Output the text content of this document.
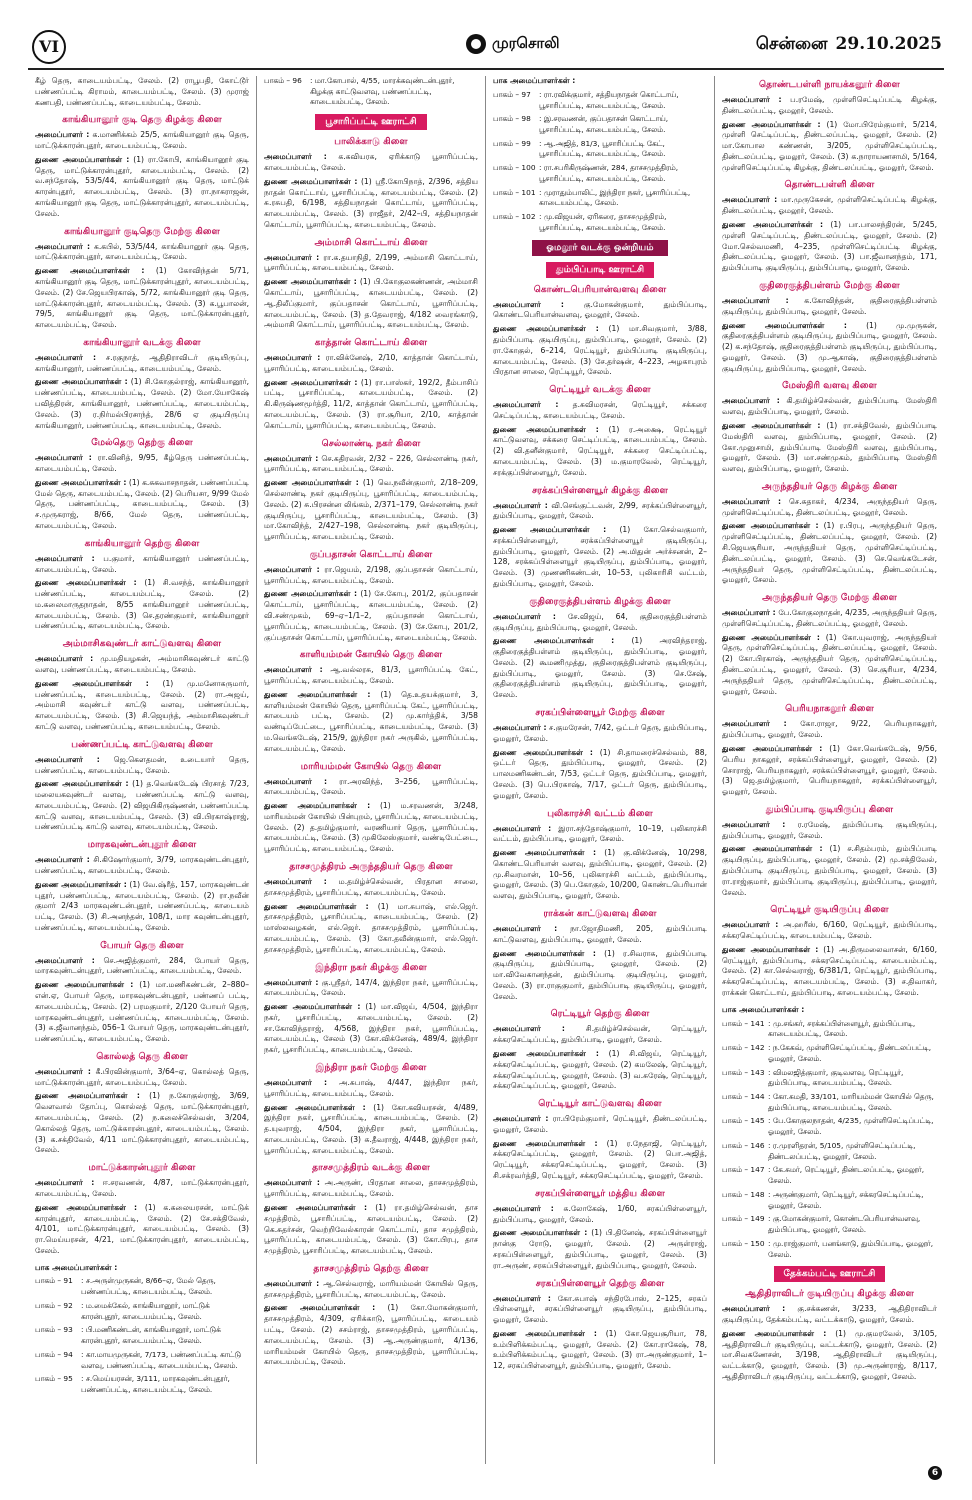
VI	முரசொலி	சென்னை 29.10.2025

கீழ் தெரு, காடையம்பட்டி, சேலம். (2) ராபூபதி, கோட்டூர் பண்ணப்பட்டி கிராமம், காடையம்பட்டி, சேலம். (3) முராஜ் கணபதி, பண்ணப்பட்டி, காடையம்பட்டி, சேலம்.

காங்கியானூர் குடி தெரு கிழக்கு கிளை

அமைப்பாளர் : க.மாணிக்கம் 25/5, காங்கியானூர் குடி தெரு, மாட்டுக்காரன்புதூர், காடையம்பட்டி, சேலம்.

துணை அமைப்பாளர்கள் : (1) ரா.கோபி, காங்கியானூர் குடி தெரு, மாட்டுக்காரன்புதூர், காடையம்பட்டி, சேலம். (2) வ.சந்தோஷ், 53/5/44, காங்கியானூர் குடி தெரு, மாட்டுக் காரன்புதூர், காடையம்பட்டி, சேலம். (3) ரா.நாகராஜன், காங்கியானூர் குடி தெரு, மாட்டுக்காரன்புதூர், காடையம்பட்டி, சேலம்.

காங்கியானூர் குடிதெரு மேற்கு கிளை

அமைப்பாளர் : க.கபில், 53/5/44, காங்கியானூர் குடி தெரு, மாட்டுக்காரன்புதூர், காடையம்பட்டி, சேலம்.

துணை அமைப்பாளர்கள் : (1) கோவிந்தன் 5/71, காங்கியானூர் குடி தெரு, மாட்டுக்காரன்புதூர், காடையம்பட்டி, சேலம். (2) சே.ஜெயபிரகாஷ், 5/72, காங்கியானூர் குடி தெரு, மாட்டுக்காரன்புதூர், காடையம்பட்டி, சேலம். (3) க.பூபாலன், 79/5, காங்கியானூர் குடி தெரு, மாட்டுக்காரன்புதூர், காடையம்பட்டி, சேலம்.

காங்கியானூர் வடக்கு கிளை

அமைப்பாளர் : ச.ரகுநாத், ஆதிதிராவிடர் குடியிருப்பு, காங்கியானூர், பண்ணப்பட்டி, காடையம்பட்டி, சேலம்.

துணை அமைப்பாளர்கள் : (1) சி.கோகுல்ராஜ், காங்கியானூர், பண்ணப்பட்டி, காடையம்பட்டி, சேலம். (2) மோ.யோகேஷ் பவித்திரன், காங்கியானூர், பண்ணப்பட்டி, காடையம்பட்டி, சேலம். (3) ர.நிர்மல்பிரசாந்த், 28/6 ஏ குடியிருப்பு காங்கியானூர், பண்ணப்பட்டி, காடையம்பட்டி, சேலம்.

மேல்தெரு தெற்கு கிளை

அமைப்பாளர் : ரா.வினித், 9/95, கீழ்தெரு பண்ணப்பட்டி, காடையம்பட்டி, சேலம்.

துணை அமைப்பாளர்கள் : (1) க.சுகவாசநாதன், பண்ணப்பட்டி மேல் தெரு, காடையம்பட்டி, சேலம். (2) பெரியசா, 9/99 மேல் தெரு, பண்ணப்பட்டி, காடையம்பட்டி, சேலம். (3) ச.முருகராஜ், 8/66, மேல் தெரு, பண்ணப்பட்டி, காடையம்பட்டி, சேலம்.

காங்கியானூர் தெற்கு கிளை

அமைப்பாளர் : ப.குமார், காங்கியானூர் பண்ணப்பட்டி, காடையம்பட்டி, சேலம்.

துணை அமைப்பாளர்கள் : (1) சி.வசந்த், காங்கியானூர் பண்ணப்பட்டி, காடையம்பட்டி, சேலம். (2) ம.கலைமாருதநாதன், 8/55 காங்கியானூர் பண்ணப்பட்டி, காடையம்பட்டி, சேலம். (3) செ.தரண்குமார், காங்கியானூர் பண்ணப்பட்டி, காடையம்பட்டி, சேலம்.

அம்மாசிகவுண்டர் காட்டுவளவு கிளை

அமைப்பாளர் : மு.மதியழகன், அம்மாசிகவுண்டர் காட்டு வளவு, பண்ணப்பட்டி, காடையம்பட்டி, சேலம்.

துணை அமைப்பாளர்கள் : (1) மு.மனோகருமார், பண்ணப்பட்டி, காடையம்பட்டி, சேலம். (2) ரா.அஜய், அம்மாசி கவுண்டர் காட்டு வளவு, பண்ணப்பட்டி, காடையம்பட்டி, சேலம். (3) சி.ஜெயந்த், அம்மாசிகவுண்டர் காட்டு வளவு, பண்ணப்பட்டி, காடையம்பட்டி, சேலம்.

பண்ணப்பட்டி காட்டுவளவு கிளை

அமைப்பாளர் : ஜெ.கௌதமன், உடையார் தெரு, பண்ணப்பட்டி, காடையம்பட்டி, சேலம்.

துணை அமைப்பாளர்கள் : (1) த.வெங்கடேஷ் பிரசாத் 7/23, மலையகவுண்டர் வளவு, பண்ணப்பட்டி காட்டு வளவு, காடையம்பட்டி, சேலம். (2) விஜயிகிருஷ்ணன், பண்ணப்பட்டி காட்டு வளவு, காடையம்பட்டி, சேலம். (3) வி.பிரகாஷ்ராஜ், பண்ணப்பட்டி காட்டு வளவு, காடையம்பட்டி, சேலம்.

மாரகவுண்டன்புதூர் கிளை

அமைப்பாளர் : சி.கிஷோர்குமார், 3/79, மாரகவுண்டன்புதூர், பண்ணப்பட்டி, காடையம்பட்டி, சேலம்.

துணை அமைப்பாளர்கள் : (1) வே.ஷ்ரீத், 157, மாரகவுண்டன் புதூர், பண்ணப்பட்டி, காடையம்பட்டி, சேலம். (2) ரா.நவீன் குமார் 2/43 மாரகவுண்டன்புதூர், பண்ணப்பட்டி, காடையம் பட்டி, சேலம். (3) சி.அனந்தன், 108/1, மார கவுண்டன்புதூர், பண்ணப்பட்டி, காடையம்பட்டி, சேலம்.

போயர் தெரு கிளை

அமைப்பாளர் : செ.அஜித்குமார், 284, போயர் தெரு, மாரகவுண்டன்புதூர், பண்ணப்பட்டி, காடையம்பட்டி, சேலம்.

துணை அமைப்பாளர்கள் : (1) மா.மணிகண்டன், 2–880–என்.ஏ, போயர் தெரு, மாரகவுண்டன்புதூர், பண்ணப் பட்டி, காடையம்பட்டி, சேலம். (2) பரமகுமார், 2/120 போயர் தெரு, மாரகவுண்டன்புதூர், பண்ணப்பட்டி, காடையம்பட்டி, சேலம். (3) சு.ஜீவானந்தம், 056–1 போயர் தெரு, மாரகவுண்டன்புதூர், பண்ணப்பட்டி, காடையம்பட்டி, சேலம்.

கொல்லத் தெரு கிளை

அமைப்பாளர் : கீ.பிரவின்குமார், 3/64–ஏ, கொல்லத் தெரு, மாட்டுக்காரன்புதூர், காடையம்பட்டி, சேலம்.

துணை அமைப்பாளர்கள் : (1) ந.கோகுல்ராஜ், 3/69, வௌவால் தோப்பு, கொல்லத் தெரு, மாட்டுக்காரன்புதூர், காடையம்பட்டி, சேலம். (2) ந.கலைச்செல்வன், 3/204, கொல்லத் தெரு, மாட்டுக்காரன்புதூர், காடையம்பட்டி, சேலம். (3) க.சக்திவேல், 4/11 மாட்டுக்காரன்புதூர், காடையம்பட்டி, சேலம்.

மாட்டுக்காரன்புதூர் கிளை

அமைப்பாளர் : ஈ.சரவணன், 4/87, மாட்டுக்காரன்புதூர், காடையம்பட்டி, சேலம்.

துணை அமைப்பாளர்கள் : (1) க.கலையரசன், மாட்டுக் காரன்புதூர், காடையம்பட்டி, சேலம். (2) சே.சக்திவேல், 4/101, மாட்டுக்காரன்புதூர், காடையம்பட்டி, சேலம். (3) ரா.மெய்யரசன், 4/21, மாட்டுக்காரன்புதூர், காடையம்பட்டி, சேலம்.

பாக அமைப்பாளர்கள் :

பாகம் – 91	: ச.அருள்முருகன், 8/66–ஏ, மேல் தெரு, பண்ணப்பட்டி, காடையம்பட்டி, சேலம்.
பாகம் – 92	: ம.மைக்கேல், காங்கியானூர், மாட்டுக் காரன்புதூர், காடையம்பட்டி, சேலம்.
பாகம் – 93	: பி.மணிகண்டன், காங்கியானூர், மாட்டுக் காரன்புதூர், காடையம்பட்டி, சேலம்.
பாகம் – 94	: கா.மாயமுருகன், 7/173, பண்ணப்பட்டி காட்டு வளவு, பண்ணப்பட்டி, காடையம்பட்டி, சேலம்.
பாகம் – 95	: ச.மெய்யரசன், 3/111, மாரகவுண்டன்புதூர், பண்ணப்பட்டி, காடையம்பட்டி, சேலம்.
பாகம் – 96	: மா.கோபால், 4/55, மாரக்கவுண்டன்புதூர், கிழக்கு காட்டுவளவு, பண்ணப்பட்டி, காடையம்பட்டி, சேலம்.
பூசாரிப்பட்டி ஊராட்சி
பாலிக்காடு கிளை

அமைப்பாளர் : க.கவியரசு, ஏரிக்காடு பூசாரிப்பட்டி, காடையம்பட்டி, சேலம்.

துணை அமைப்பாளர்கள் : (1) ஸ்ரீ.கோபிநாத், 2/396, சத்திய நாதன் கொட்டாய், பூசாரிப்பட்டி, காடையம்பட்டி, சேலம். (2) சு.ரசுபதி, 6/198, சத்தியநாதன் கொட்டாய், பூசாரிப்பட்டி, காடையம்பட்டி, சேலம். (3) ராஜீதர், 2/42–பி, சத்தியநாதன் கொட்டாய், பூசாரிப்பட்டி, காடையம்பட்டி, சேலம்.

அம்மாசி கொட்டாய் கிளை

அமைப்பாளர் : ரா.க.தயாநிதி, 2/199, அம்மாசி கொட்டாய், பூசாரிப்பட்டி, காடையம்பட்டி, சேலம்.

துணை அமைப்பாளர்கள் : (1) பி.கோகுலகண்ணன், அம்மாசி கொட்டாய், பூசாரிப்பட்டி, காடையம்பட்டி, சேலம். (2) ஆ.திலீப்குமார், குப்பதாசன் கொட்டாய், பூசாரிப்பட்டி, காடையம்பட்டி, சேலம். (3) த.தேவராஜ், 4/182 வைரங்காடு, அம்மாசி கொட்டாய், பூசாரிப்பட்டி, காடையம்பட்டி, சேலம்.

காத்தான் கொட்டாய் கிளை

அமைப்பாளர் : ரா.விக்னேஷ், 2/10, காத்தான் கொட்டாய், பூசாரிப்பட்டி, காடையம்பட்டி, சேலம்.

துணை அமைப்பாளர்கள் : (1) ரா.பாஸ்கர், 192/2, தீம்பாசிப் பட்டி, பூசாரிப்பட்டி, காடையம்பட்டி, சேலம். (2) கி.கிருஷ்ணமூர்த்தி, 11/2, காத்தான் கொட்டாய், பூசாரிப்பட்டி, காடையம்பட்டி, சேலம். (3) ரா.சூரியா, 2/10, காத்தான் கொட்டாய், பூசாரிப்பட்டி, காடையம்பட்டி, சேலம்.

செல்லாண்டி நகர் கிளை

அமைப்பாளர் : செ.கதிரவன், 2/32 – 226, செல்லாண்டி நகர், பூசாரிப்பட்டி, காடையம்பட்டி, சேலம்.

துணை அமைப்பாளர்கள் : (1) வெ.நவீன்குமார், 2/18–209, செல்லாண்டி நகர் குடியிருப்பு, பூசாரிப்பட்டி, காடையம்பட்டி, சேலம். (2) சு.பிரசன்ன லிங்கம், 2/371–179, செல்லாண்டி நகர் குடியிருப்பு, பூசாரிப்பட்டி, காடையம்பட்டி, சேலம். (3) மா.கோவிந்த், 2/427–198, செல்லாண்டி நகர் குடியிருப்பு, பூசாரிப்பட்டி, காடையம்பட்டி, சேலம்.

குப்பதாசன் கொட்டாய் கிளை

அமைப்பாளர் : ரா.ஜெயம், 2/198, குப்பதாசன் கொட்டாய், பூசாரிப்பட்டி, காடையம்பட்டி, சேலம்.

துணை அமைப்பாளர்கள் : (1) சே.கோபு, 201/2, குப்பதாசன் கொட்டாய், பூசாரிப்பட்டி, காடையம்பட்டி, சேலம். (2) வி.சண்முகம், 69–ஏ–1/1–2, குப்பதாசன் கொட்டாய், பூசாரிப்பட்டி, காடையம்பட்டி, சேலம். (3) சே.கோபு, 201/2, குப்பதாசன் கொட்டாய், பூசாரிப்பட்டி, காடையம்பட்டி, சேலம்.

காளியம்மன் கோயில் தெரு கிளை

அமைப்பாளர் : ஆ.வல்லரசு, 81/3, பூசாரிப்பட்டி கேட், பூசாரிப்பட்டி, காடையம்பட்டி, சேலம்.

துணை அமைப்பாளர்கள் : (1) தெ.உதயக்குமார், 3, காளியம்மன் கோயில் தெரு, பூசாரிப்பட்டி கேட், பூசாரிப்பட்டி, காடையம் பட்டி, சேலம். (2) மு.கார்த்திக், 3/58 வண்டிப்பேட்டை, பூசாரிப்பட்டி, காடையம்பட்டி, சேலம். (3) ம.வெங்கடேஷ், 215/9, இந்திரா நகர் அருகில், பூசாரிப்பட்டி, காடையம்பட்டி, சேலம்.

மாரியம்மன் கோயில் தெரு கிளை

அமைப்பாளர் : ரா.அரவிந்த், 3–256, பூசாரிப்பட்டி, காடையம்பட்டி, சேலம்.

துணை அமைப்பாளர்கள் : (1) ம.சரவணன், 3/248, மாரியம்மன் கோயில் பின்புறம், பூசாரிப்பட்டி, காடையம்பட்டி, சேலம். (2) த.தமிழ்குமார், வரணியார் தெரு, பூசாரிப்பட்டி, காடையம்பட்டி, சேலம். (3) முகிலேஸ்குமார், வண்டிபேட்டை, பூசாரிப்பட்டி, காடையம்பட்டி, சேலம்.

தாசசமுத்திரம் அருந்ததியர் தெரு கிளை

அமைப்பாளர் : ம.தமிழ்ச்செல்வன், பிரதான சாலை, தாசசமுத்திரம், பூசாரிப்பட்டி, காடையம்பட்டி, சேலம்.

துணை அமைப்பாளர்கள் : (1) மா.சுபாஷ், எல்.ஜெர். தாசசமுத்திரம், பூசாரிப்பட்டி, காடையம்பட்டி, சேலம். (2) மாஸ்லவழகன், எல்.ஜெர். தாசசமுத்திரம், பூசாரிப்பட்டி, காடையம்பட்டி, சேலம். (3) கோ.தவீன்குமார், எல்.ஜெர். தாசசமுத்திரம், பூசாரிப்பட்டி, காடையம்பட்டி, சேலம்.

இந்திரா நகர் கிழக்கு கிளை

அமைப்பாளர் : கு.ஸ்ரீதர், 147/4, இந்திரா நகர், பூசாரிப்பட்டி, காடையம்பட்டி, சேலம்.

துணை அமைப்பாளர்கள் : (1) மா.விஜய், 4/504, இந்திரா நகர், பூசாரிப்பட்டி, காடையம்பட்டி, சேலம். (2) சா.கோவிந்தராஜ், 4/568, இந்திரா நகர், பூசாரிப்பட்டி, காடையம்பட்டி, சேலம் (3) கோ.விக்னேஷ், 489/4, இந்திரா நகர், பூசாரிப்பட்டி, காடையம்பட்டி, சேலம்.

இந்திரா நகர் மேற்கு கிளை

அமைப்பாளர் : அ.சுபாஷ், 4/447, இந்திரா நகர், பூசாரிப்பட்டி, காடையம்பட்டி, சேலம்.

துணை அமைப்பாளர்கள் : (1) கோ.கவியரசன், 4/489, இந்திரா நகர், பூசாரிப்பட்டி, காடையம்பட்டி, சேலம். (2) த.யுவராஜ், 4/504, இந்திரா நகர், பூசாரிப்பட்டி, காடையம்பட்டி, சேலம். (3) சு.தீவராஜ், 4/448, இந்திரா நகர், பூசாரிப்பட்டி, காடையம்பட்டி, சேலம்.

தாசசமுத்திரம் வடக்கு கிளை

அமைப்பாளர் : அ.அருண், பிரதான சாலை, தாசசமுத்திரம், பூசாரிப்பட்டி, காடையம்பட்டி, சேலம்.

துணை அமைப்பாளர்கள் : (1) ரா.தமிழ்செல்வன், தாச சமுத்திரம், பூசாரிப்பட்டி, காடையம்பட்டி, சேலம். (2) கெ.சுதர்சன், வெற்றிவேல்காரன் கொட்டாய், தாச சமுத்திரம், பூசாரிப்பட்டி, காடையம்பட்டி, சேலம். (3) கோ.பிரபு, தாச சமுத்திரம், பூசாரிப்பட்டி, காடையம்பட்டி, சேலம்.

தாசசமுத்திரம் தெற்கு கிளை

அமைப்பாளர் : ஆ.செல்வராஜ், மாரியம்மன் கோயில் தெரு, தாசசமுத்திரம், பூசாரிப்பட்டி, காடையம்பட்டி, சேலம்.

துணை அமைப்பாளர்கள் : (1) கோ.மோகன்குமார், தாசசமுத்திரம், 4/309, ஏரிக்காடு, பூசாரிப்பட்டி, காடையம் பட்டி, சேலம். (2) சசம்ராஜ், தாசசமுத்திரம், பூசாரிப்பட்டி, காடையம்பட்டி, சேலம். (3) ஆ.அருண்குமார், 4/136, மாரியம்மன் கோயில் தெரு, தாசசமுத்திரம், பூசாரிப்பட்டி, காடையம்பட்டி, சேலம்.

பாக அமைப்பாளர்கள் :

பாகம் – 97	: ரா.ரவிக்குமார், சத்தியநாதன் கொட்டாய், பூசாரிப்பட்டி, காடையம்பட்டி, சேலம்.
பாகம் – 98	: இ.சரவணன், குப்பதாசன் கொட்டாய், பூசாரிப்பட்டி, காடையம்பட்டி, சேலம்.
பாகம் – 99	: ஆ.அஜித், 81/3, பூசாரிப்பட்டி கேட், பூசாரிப்பட்டி, காடையம்பட்டி, சேலம்.
பாகம் – 100 : ரா.சபரிகிருஷ்ணன், 284, தாசசமுத்திரம், பூசாரிப்பட்டி, காடையம்பட்டி, சேலம்.
பாகம் – 101 : முராதும்பாலிட், இந்திரா நகர், பூசாரிப்பட்டி, காடையம்பட்டி, சேலம்.
பாகம் – 102 : மு.விஜயன், ஏரிகரை, தாசசமுத்திரம், பூசாரிப்பட்டி, காடையம்பட்டி, சேலம்.
ஓமலூர் வடக்கு ஒன்றியம்
தும்பிப்பாடி ஊராட்சி
கொண்டபெரியான்வளவு கிளை

அமைப்பாளர் :	கு.மோகன்குமார், தும்பிப்பாடி, கொண்டபெரியான்வளவு, ஓமலூர், சேலம்.

துணை அமைப்பாளர்கள் : (1) மா.சிவகுமார், 3/88, தும்பிப்பாடி குடியிருப்பு, தும்பிப்பாடி, ஓமலூர், சேலம். (2) ரா.கோகுல், 6–214, ரெட்டியூர், தும்பிப்பாடி குடியிருப்பு, காடையம்பட்டி, சேலம். (3) சே.தர்ஷன், 4–223, அழகாபுரம் பிரதான சாலை, ரெட்டியூர், சேலம்.

ரெட்டியூர் வடக்கு கிளை

அமைப்பாளர் : த.சுவிமரசன், ரெட்டியூர், சக்கரை செட்டிப்பட்டி, காடையம்பட்டி, சேலம்.

துணை அமைப்பாளர்கள் : (1) ர.அக்ஷை, ரெட்டியூர் காட்டுவளவு, சக்கரை செட்டிப்பட்டி, காடையம்பட்டி, சேலம். (2) வி.தனீன்குமார், ரெட்டியூர், சக்கரை செட்டிப்பட்டி, காடையம்பட்டி, சேலம். (3) ம.குமாரவேல், ரெட்டியூர், சரக்குப்பிள்ளையூர், சேலம்.

சரக்கப்பிள்ளையூர் கிழக்கு கிளை

அமைப்பாளர் : வி.செங்குட்டவன், 2/99, சரக்கப்பிள்ளையூர், தும்பிப்பாடி, ஓமலூர், சேலம்.

துணை அமைப்பாளர்கள் : (1) கோ.செல்வகுமார், சரக்கப்பிள்ளையூர், சரக்கப்பிள்ளையூர் குடியிருப்பு, தும்பிப்பாடி, ஓமலூர், சேலம். (2) அ.மிதுன் அர்ச்சனன், 2–128, சரக்கப்பிள்ளையூர் குடியிருப்பு, தும்பிப்பாடி, ஓமலூர், சேலம். (3) முணணிகண்டன், 10–53, புலிகாரிசி வட்டம், தும்பிப்பாடி, ஓமலூர், சேலம்.

குதிரைகுத்திபள்ளம் கிழக்கு கிளை

அமைப்பாளர் : சே.விஜய், 64, குதிரைகுத்திபள்ளம் குடியிருப்பு, தும்பிப்பாடி, ஓமலூர், சேலம்.

துணை அமைப்பாளர்கள் : (1) அரவிந்தராஜ், குதிரைகுத்திபள்ளம் குடியிருப்பு, தும்பிப்பாடி, ஓமலூர், சேலம். (2) கூமணிமுத்து, குதிரைகுத்திபள்ளம் குடியிருப்பு, தும்பிப்பாடி, ஓமலூர், சேலம். (3) செ.சேஷ், குதிரைகுத்திபள்ளம் குடியிருப்பு, தும்பிப்பாடி, ஓமலூர், சேலம்.

சரகப்பிள்ளையூர் மேற்கு கிளை

அமைப்பாளர் : ச.குமரேசன், 7/42, ஒட்டர் தெரு, தும்பிப்பாடி, ஓமலூர், சேலம்.

துணை அமைப்பாளர்கள் : (1) சி.தாமரைச்செல்வம், 88, ஒட்டர் தெரு, தும்பிப்பாடி, ஓமலூர், சேலம். (2) பாலமணிகண்டன், 7/53, ஒட்டர் தெரு, தும்பிப்பாடி, ஓமலூர், சேலம். (3) பெ.பிரகாஷ், 7/17, ஒட்டர் தெரு, தும்பிப்பாடி, ஓமலூர், சேலம்.

புலிகாரச்சி வட்டம் கிளை

அமைப்பாளர் : இரா.சந்தோஷ்குமார், 10–19, புலிகாரச்சி வட்டம், தும்பிப்பாடி, ஓமலூர், சேலம்.

துணை அமைப்பாளர்கள் : (1) கு.விக்னேஷ், 10/298, கொண்டபெரியான் வளவு, தும்பிப்பாடி, ஓமலூர், சேலம். (2) மு.சிவரமான், 10–56, புலிகாரச்சி வட்டம், தும்பிப்பாடி, ஓமலூர், சேலம். (3) பெ.கோகுல், 10/200, கொண்டபெரியான் வளவு, தும்பிப்பாடி, ஓமலூர், சேலம்.

ராக்கன் காட்டுவளவு கிளை

அமைப்பாளர் : நா.ஜோதிமணி, 205, தும்பிப்பாடி காட்டுவளவு, தும்பிப்பாடி, ஓமலூர், சேலம்.

துணை அமைப்பாளர்கள் : (1) ர.சிவராசு, தும்பிப்பாடி குடியிருப்பு, தும்பிப்பாடி, ஓமலூர், சேலம். (2) மா.விவேகானந்தன், தும்பிப்பாடி குடியிருப்பு, ஓமலூர், சேலம். (3) ரா.ராகுகுமார், தும்பிப்பாடி குடியிருப்பு, ஓமலூர், சேலம்.

ரெட்டியூர் தெற்கு கிளை

அமைப்பாளர் :	சி.தமிழ்ச்செல்வன், ரெட்டியூர், சக்கரசெட்டிப்பட்டி, தும்பிப்பாடி, ஓமலூர், சேலம்.

துணை அமைப்பாளர்கள் : (1) சி.விஜய், ரெட்டியூர், சக்கரசெட்டிப்பட்டி, ஓமலூர், சேலம். (2) கமலேஷ், ரெட்டியூர், சக்கரசெட்டிப்பட்டி, ஓமலூர், சேலம். (3) வ.சுரேஷ், ரெட்டியூர், சக்கரசெட்டிப்பட்டி, ஓமலூர், சேலம்.

ரெட்டியூர் காட்டுவளவு கிளை

அமைப்பாளர் : ரா.பிரேம்குமார், ரெட்டியூர், திண்டலப்பட்டி, ஓமலூர், சேலம்.

துணை அமைப்பாளர்கள் : (1) ர.நேதாஜி, ரெட்டியூர், சக்கரசெட்டிப்பட்டி, ஓமலூர், சேலம். (2) பொ.அஜித், ரெட்டியூர், சக்கரசெட்டிப்பட்டி, ஓமலூர், சேலம். (3) சி.சக்ரவர்த்தி, ரெட்டியூர், சக்கரசெட்டிப்பட்டி, ஓமலூர், சேலம்.

சரகப்பிள்ளையூர் மத்திய கிளை

அமைப்பாளர் : சு.லோகேஷ், 1/60, சரகப்பிள்ளையூர், தும்பிப்பாடி, ஓமலூர், சேலம்.

துணை அமைப்பாளர்கள் : (1) பி.தினேஷ், சரகப்பிள்ளையூர் நான்கு ரோடு, ஓமலூர், சேலம். (2) அருள்ராஜ், சரகப்பிள்ளையூர், தும்பிப்பாடி, ஓமலூர், சேலம். (3) ரா.அருண், சரகப்பிள்ளையூர், தும்பிப்பாடி, ஓமலூர், சேலம்.

சரகப்பிள்ளையூர் தெற்கு கிளை

அமைப்பாளர் : கோ.சுபாஷ் சந்திரபோஸ், 2–125, சரகப் பிள்ளையூர், சரகப்பிள்ளையூர் குடியிருப்பு, தும்பிப்பாடி, ஓமலூர், சேலம்.

துணை அமைப்பாளர்கள் : (1) கோ.ஜெயசூரியா, 78, உம்பிளிக்கம்பட்டி, ஓமலூர், சேலம். (2) கோ.ராகேஷ், 78, உம்பிளிக்கம்பட்டி, ஓமலூர், சேலம். (3) ரா.அருண்குமார், 1–12, சரகப்பிள்ளையூர், தும்பிப்பாடி, ஓமலூர், சேலம்.

தொண்டபள்ளி நாயக்கனூர் கிளை

அமைப்பாளர் : ப.ரமேஷ், முள்ளிசெட்டிப்பட்டி கிழக்கு, திண்டலப்பட்டி, ஓமலூர், சேலம்.

துணை அமைப்பாளர்கள் : (1) மோ.பிரேம்குமார், 5/214, முள்ளி செட்டிப்பட்டி, திண்டலப்பட்டி, ஓமலூர், சேலம். (2) மா.கோபால கண்ணன், 3/205, முள்ளிசெட்டிப்பட்டி, திண்டலப்பட்டி, ஓமலூர், சேலம். (3) க.நாராயணசாமி, 5/164, முள்ளிசெட்டிப்பட்டி கிழக்கு, திண்டலப்பட்டி, ஓமலூர், சேலம்.

தொண்டபள்ளி கிளை

அமைப்பாளர் : மா.முருகேசன், முள்ளிசெட்டிப்பட்டி கிழக்கு, திண்டலப்பட்டி, ஓமலூர், சேலம்.

துணை அமைப்பாளர்கள் : (1) பா.பாலசந்திரன், 5/245, முள்ளி செட்டிப்பட்டி, திண்டலப்பட்டி, ஓமலூர், சேலம். (2) மோ.செல்வமணி, 4–235, முள்ளிசெட்டிப்பட்டி கிழக்கு, திண்டலப்பட்டி, ஓமலூர், சேலம். (3) பா.ஜீவானந்தம், 171, தும்பிப்பாடி குடியிருப்பு, தும்பிப்பாடி, ஓமலூர், சேலம்.

குதிரைகுத்திபள்ளம் மேற்கு கிளை

அமைப்பாளர் : க.கோவிந்தன், குதிரைகுத்திபள்ளம் குடியிருப்பு, தும்பிப்பாடி, ஓமலூர், சேலம்.

துணை அமைப்பாளர்கள் :	(1) மு.முருகன், குதிரைகுத்திபள்ளம் குடியிருப்பு, தும்பிப்பாடி, ஓமலூர், சேலம். (2) க.சந்தோஷ், குதிரைகுத்திபள்ளம் குடியிருப்பு, தும்பிப்பாடி, ஓமலூர், சேலம். (3) மு.ஆகாஷ், குதிரைகுத்திபள்ளம் குடியிருப்பு, தும்பிப்பாடி, ஓமலூர், சேலம்.

மேஸ்திரி வளவு கிளை

அமைப்பாளர் : கி.தமிழ்ச்செல்வன், தும்பிப்பாடி மேஸ்திரி வளவு, தும்பிப்பாடி, ஓமலூர், சேலம்.

துணை அமைப்பாளர்கள் : (1) ரா.சக்திவேல், தும்பிப்பாடி மேஸ்திரி வளவு, தும்பிப்பாடி, ஓமலூர், சேலம். (2) கோ.முனுசாமி, தும்பிப்பாடி மேஸ்திரி வளவு, தும்பிப்பாடி, ஓமலூர், சேலம். (3) மா.சண்முகம், தும்பிப்பாடி மேஸ்திரி வளவு, தும்பிப்பாடி, ஓமலூர், சேலம்.

அருந்ததியர் தெரு கிழக்கு கிளை

அமைப்பாளர் : செ.சுதாகர், 4/234, அருந்ததியர் தெரு, முள்ளிசெட்டிப்பட்டி, திண்டலப்பட்டி, ஓமலூர், சேலம்.

துணை அமைப்பாளர்கள் : (1) ர.பிரபு, அருந்ததியர் தெரு, முள்ளிசெட்டிப்பட்டி, திண்டலப்பட்டி, ஓமலூர், சேலம். (2) சி.ஜெயசூரியா, அருந்ததியர் தெரு, முள்ளிசெட்டிப்பட்டி, திண்டலப்பட்டி, ஓமலூர், சேலம். (3) செ.வெங்கடேசன், அருந்ததியர் தெரு, முள்ளிசெட்டிப்பட்டி, திண்டலப்பட்டி, ஓமலூர், சேலம்.

அருந்ததியர் தெரு மேற்கு கிளை

அமைப்பாளர் : பே.கோகுலநாதன், 4/235, அருந்ததியர் தெரு, முள்ளிசெட்டிப்பட்டி, திண்டலப்பட்டி, ஓமலூர், சேலம்.

துணை அமைப்பாளர்கள் : (1) கோ.யுவராஜ், அருந்ததியர் தெரு, முள்ளிசெட்டிப்பட்டி, திண்டலப்பட்டி, ஓமலூர், சேலம். (2) கோ.பிரகாஷ், அருந்ததியர் தெரு, முள்ளிசெட்டிப்பட்டி, திண்டலப்பட்டி, ஓமலூர், சேலம். (3) செ.சூரியா, 4/234, அருந்ததியர் தெரு, முள்ளிசெட்டிப்பட்டி, திண்டலப்பட்டி, ஓமலூர், சேலம்.

பெரியநாகலூர் கிளை

அமைப்பாளர் : கோ.ராஜா, 9/22, பெரியநாகலூர், தும்பிப்பாடி, ஓமலூர், சேலம்.

துணை அமைப்பாளர்கள் : (1) கோ.வெங்கடேஷ், 9/56, பெரிய நாகலூர், சரக்கப்பிள்ளையூர், ஓமலூர், சேலம். (2) சொராஜ், பெரியநாகலூர், சரக்கப்பிள்ளையூர், ஓமலூர், சேலம். (3) ஜெ.தமிழ்குமார், பெரியநாகலூர், சரக்கப்பிள்ளையூர், ஓமலூர், சேலம்.

தும்பிப்பாடி குடியிருப்பு கிளை

அமைப்பாளர் : ர.ரமேஷ், தும்பிப்பாடி குடியிருப்பு, தும்பிப்பாடி, ஓமலூர், சேலம்.

துணை அமைப்பாளர்கள் : (1) ச.சிதம்பரம், தும்பிப்பாடி குடியிருப்பு, தும்பிப்பாடி, ஓமலூர், சேலம். (2) மு.சக்திவேல், தும்பிப்பாடி குடியிருப்பு, தும்பிப்பாடி, ஓமலூர், சேலம். (3) ரா.ராஜ்குமார், தும்பிப்பாடி குடியிருப்பு, தும்பிப்பாடி, ஓமலூர், சேலம்.

ரெட்டியூர் குடியிருப்பு கிளை

அமைப்பாளர் : அ.ஹரீஸ், 6/160, ரெட்டியூர், தும்பிப்பாடி, சக்கரசெட்டிப்பட்டி, காடையம்பட்டி, சேலம்.

துணை அமைப்பாளர்கள் : (1) அ.திருமலைவாசன், 6/160, ரெட்டியூர், தும்பிப்பாடி, சக்கரசெட்டிப்பட்டி, காடையம்பட்டி, சேலம். (2) கா.செல்வராஜ், 6/381/1, ரெட்டியூர், தும்பிப்பாடி, சக்கரசெட்டிப்பட்டி, காடையம்பட்டி, சேலம். (3) ச.திவாகர், ராக்கன் கொட்டாய், தும்பிப்பாடி, காடையம்பட்டி, சேலம்.

பாக அமைப்பாளர்கள் :

பாகம் – 141 : மு.சங்கர், சரக்கப்பிள்ளையூர், தும்பிப்பாடி, காடையம்பட்டி, சேலம்.
பாகம் – 142 : ந.கேகவ், முள்ளிசெட்டிப்பட்டி, திண்டலப்பட்டி, ஓமலூர், சேலம்.
பாகம் – 143 : விமலஜித்குமார், குடிவளவு, ரெட்டியூர், தும்பிப்பாடி, காடையம்பட்டி, சேலம்.
பாகம் – 144 : கோ.சுமதி, 33/101, மாரியம்மன் கோயில் தெரு, தும்பிப்பாடி, காடையம்பட்டி, சேலம்.
பாகம் – 145 : பே.கோகுலநாதன், 4/235, முள்ளிசெட்டிப்பட்டி, ஓமலூர், சேலம்.
பாகம் – 146 : ர.முரளிதரன், 5/105, முள்ளிசெட்டிப்பட்டி, திண்டலப்பட்டி, ஓமலூர், சேலம்.
பாகம் – 147 : கே.சுமர், ரெட்டியூர், திண்டலப்பட்டி, ஓமலூர், சேலம்.
பாகம் – 148 : அருண்குமார், ரெட்டியூர், சக்கரசெட்டிப்பட்டி, ஓமலூர், சேலம்.
பாகம் – 149 : கு.மோகன்குமார், கொண்டபெரியான்வளவு, தும்பிப்பாடி, ஓமலூர், சேலம்.
பாகம் – 150 : மு.ராஜ்குமார், பனங்காடு, தும்பிப்பாடி, ஓமலூர், சேலம்.
தேக்கம்பட்டி ஊராட்சி
ஆதிதிராவிடர் குடியிருப்பு கிழக்கு கிளை

அமைப்பாளர் : கு.சக்கணன், 3/233, ஆதிதிராவிடர் குடியிருப்பு, தேக்கம்பட்டி, வட்டக்காடு, ஓமலூர், சேலம்.

துணை அமைப்பாளர்கள் : (1) மு.குமரவேல், 3/105, ஆதிதிராவிடர் குடியிருப்பு, வட்டக்காடு, ஓமலூர், சேலம். (2) மா.சிவகணேசன், 3/198, ஆதிதிராவிடர் குடியிருப்பு, வட்டக்காடு, ஓமலூர், சேலம். (3) மு.அருண்ராஜ், 8/117, ஆதிதிராவிடர் குடியிருப்பு, வட்டக்காடு, ஓமலூர், சேலம்.

6
